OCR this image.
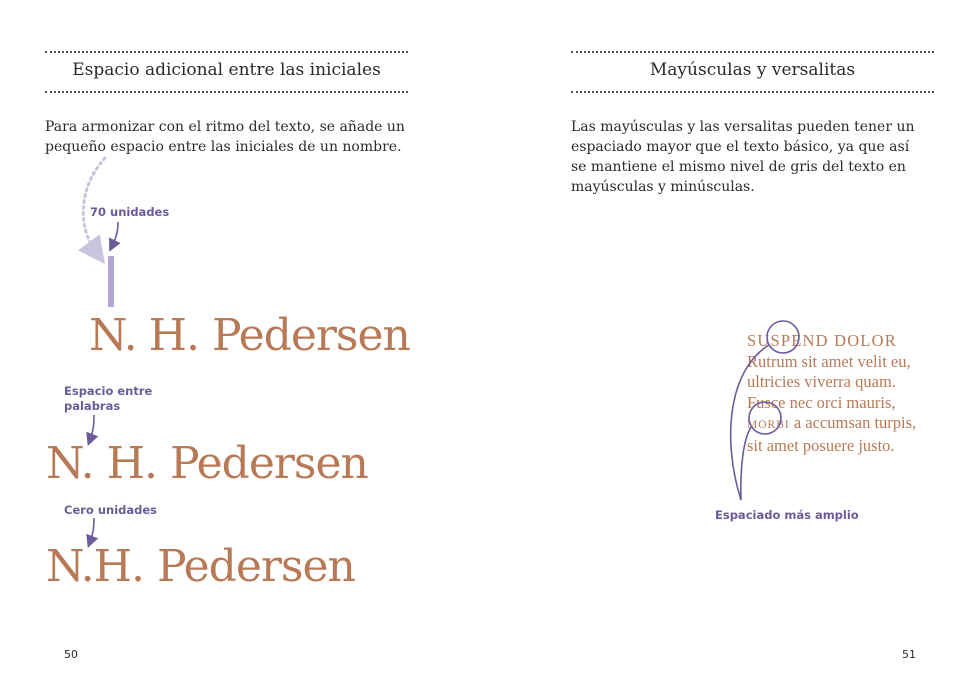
Espacio adicional entre las iniciales
Para armonizar con el ritmo del texto, se añade un pequeño espacio entre las iniciales de un nombre.
70 unidades

N. H. Pedersen

Espacio entre
palabras
N. H. Pedersen
Cero unidades
N.H. Pedersen
50
Mayúsculas y versalitas
Las mayúsculas y las versalitas pueden tener un espaciado mayor que el texto básico, ya que así se mantiene el mismo nivel de gris del texto en mayúsculas y minúsculas.
SUSPEND DOLOR
Rutrum sit amet velit eu,
ultricies viverra quam.
Fusce nec orci mauris,
MORBI a accumsan turpis,
sit amet posuere justo.
Espaciado más amplio
51
